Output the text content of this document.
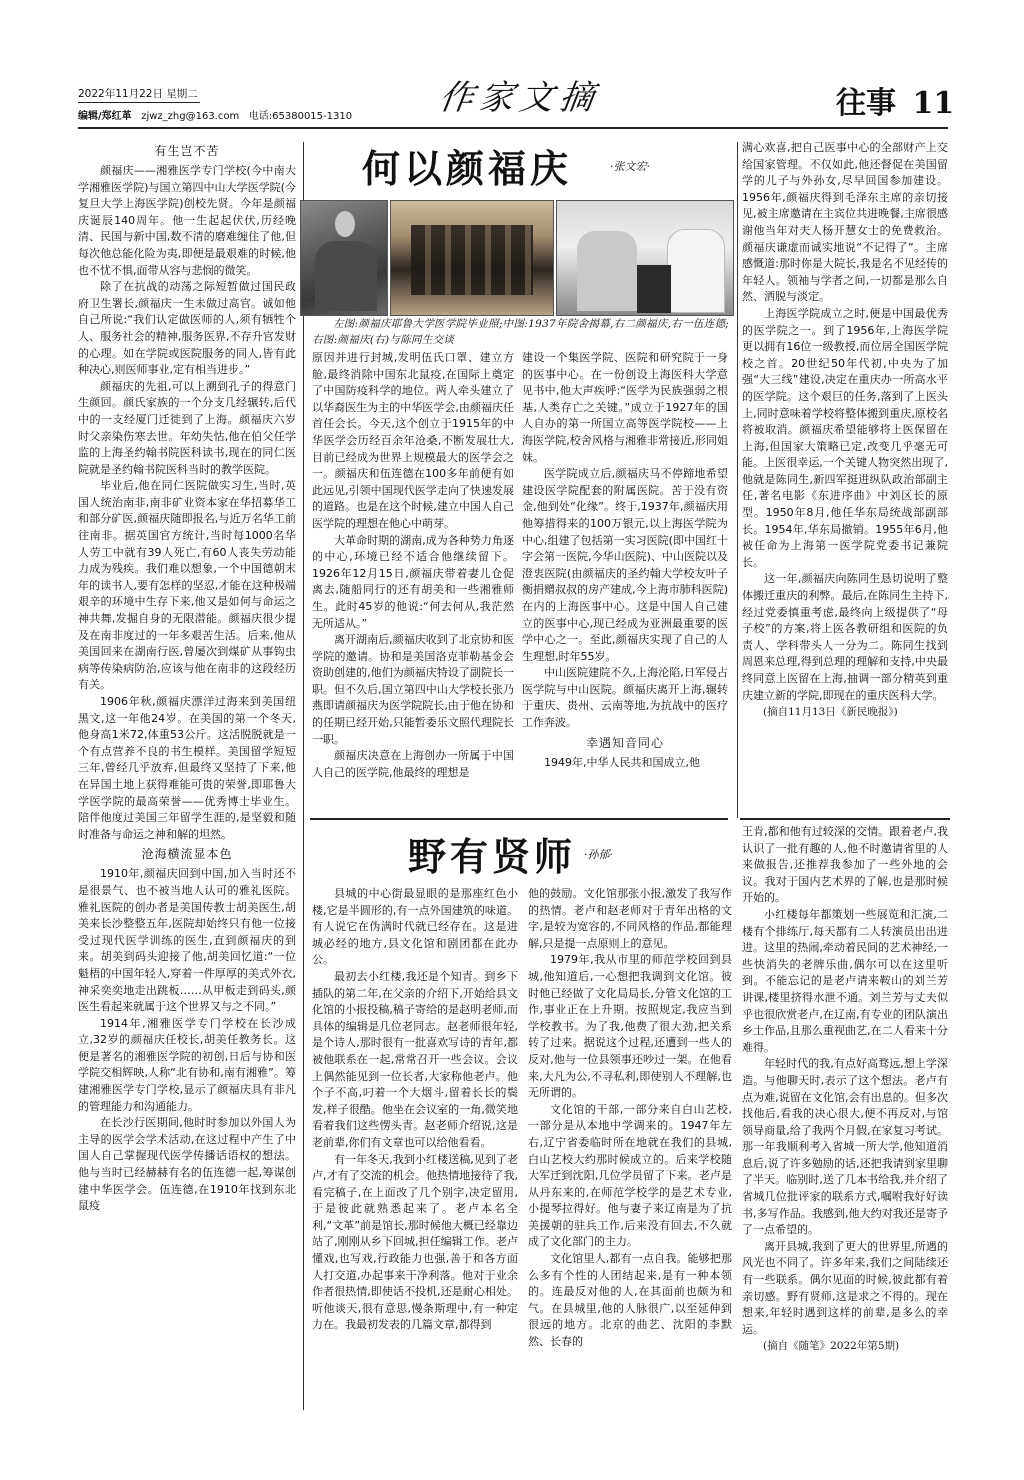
2022年11月22日 星期二
编辑/郑红革 zjwz_zhg@163.com 电话:65380015-1310 作家文摘	往事 11
有生岂不苦

颜福庆——湘雅医学专门学校(今中南大学湘雅医学院)与国立第四中山大学医学院(今复旦大学上海医学院)创校先贤。今年是颜福庆诞辰140周年。他一生起起伏伏,历经晚清、民国与新中国,数不清的磨难缠住了他,但每次他总能化险为夷,即便是最艰难的时候,他也不忧不惧,面带从容与悲悯的微笑。

除了在抗战的动荡之际短暂做过国民政府卫生署长,颜福庆一生未做过高官。诚如他自己所说:“我们认定做医师的人,须有牺牲个人、服务社会的精神,服务医界,不存升官发财的心理。如在学院或医院服务的同人,皆有此种决心,则医师事业,定有相当进步。”

颜福庆的先祖,可以上溯到孔子的得意门生颜回。颜氏家族的一个分支几经辗转,后代中的一支经厦门迁徙到了上海。颜福庆六岁时父亲染伤寒去世。年幼失怙,他在伯父任学监的上海圣约翰书院医科读书,现在的同仁医院就是圣约翰书院医科当时的教学医院。

毕业后,他在同仁医院做实习生,当时,英国人统治南非,南非矿业资本家在华招募华工和部分矿医,颜福庆随即报名,与近万名华工前往南非。据英国官方统计,当时每1000名华人劳工中就有39人死亡,有60人丧失劳动能力成为残疾。我们难以想象,一个中国德朝末年的读书人,要有怎样的坚忍,才能在这种极端艰辛的环境中生存下来,他又是如何与命运之神共舞,发掘自身的无限潜能。颜福庆很少提及在南非度过的一年多艰苦生活。后来,他从美国回来在湖南行医,曾屡次到煤矿从事钩虫病等传染病防治,应该与他在南非的这段经历有关。

1906年秋,颜福庆漂洋过海来到美国纽黑文,这一年他24岁。在美国的第一个冬天,他身高1米72,体重53公斤。这活脱脱就是一个有点营养不良的书生模样。美国留学短短三年,曾经几乎放弃,但最终又坚持了下来,他在异国土地上获得难能可贵的荣誉,即耶鲁大学医学院的最高荣誉——优秀博士毕业生。陪伴他度过美国三年留学生涯的,是坚毅和随时准备与命运之神和解的坦然。

沧海横流显本色

1910年,颜福庆回到中国,加入当时还不是很景气、也不被当地人认可的雅礼医院。雅礼医院的创办者是美国传教士胡美医生,胡美来长沙整整五年,医院却始终只有他一位接受过现代医学训练的医生,直到颜福庆的到来。胡美到码头迎接了他,胡美回忆道:“一位魁梧的中国年轻人,穿着一件厚厚的美式外衣,神采奕奕地走出跳板……从甲板走到码头,颜医生看起来就属于这个世界又与之不同。”

1914年,湘雅医学专门学校在长沙成立,32岁的颜福庆任校长,胡美任教务长。这便是著名的湘雅医学院的初创,日后与协和医学院交相辉映,人称“北有协和,南有湘雅”。筹建湘雅医学专门学校,显示了颜福庆具有非凡的管理能力和沟通能力。

在长沙行医期间,他时时参加以外国人为主导的医学会学术活动,在这过程中产生了中国人自己掌握现代医学传播话语权的想法。他与当时已经赫赫有名的伍连德一起,筹谋创建中华医学会。伍连德,在1910年找到东北鼠疫

何以颜福庆	·张文宏·
左图:颜福庆耶鲁大学医学院毕业照;中图:1937年院舍揭幕,右二颜福庆,右一伍连德;右图:颜福庆(右)与陈同生交谈

原因并进行封城,发明伍氏口罩、建立方舱,最终消除中国东北鼠疫,在国际上奠定了中国防疫科学的地位。两人牵头建立了以华裔医生为主的中华医学会,由颜福庆任首任会长。今天,这个创立于1915年的中华医学会历经百余年沧桑,不断发展壮大,目前已经成为世界上规模最大的医学会之一。颜福庆和伍连德在100多年前便有如此远见,引领中国现代医学走向了快速发展的道路。也是在这个时候,建立中国人自己医学院的理想在他心中萌芽。

大革命时期的湖南,成为各种势力角逐的中心,环境已经不适合他继续留下。1926年12月15日,颜福庆带着妻儿仓促离去,随船同行的还有胡美和一些湘雅师生。此时45岁的他说:“何去何从,我茫然无所适从。”

离开湖南后,颜福庆收到了北京协和医学院的邀请。协和是美国洛克菲勒基金会资助创建的,他们为颜福庆特设了副院长一职。但不久后,国立第四中山大学校长张乃燕即请颜福庆为医学院院长,由于他在协和的任期已经开始,只能暂委乐文照代理院长一职。

颜福庆决意在上海创办一所属于中国人自己的医学院,他最终的理想是

建设一个集医学院、医院和研究院于一身的医事中心。在一份创设上海医科大学意见书中,他大声疾呼:“医学为民族强弱之根基,人类存亡之关键。”成立于1927年的国人自办的第一所国立高等医学院校——上海医学院,校舍风格与湘雅非常接近,形同姐妹。

医学院成立后,颜福庆马不停蹄地希望建设医学院配套的附属医院。苦于没有资金,他到处“化缘”。终于,1937年,颜福庆用他筹措得来的100万银元,以上海医学院为中心,组建了包括第一实习医院(即中国红十字会第一医院,今华山医院)、中山医院以及澄衷医院(由颜福庆的圣约翰大学校友叶子衡捐赠叔叔的房产建成,今上海市肺科医院)在内的上海医事中心。这是中国人自己建立的医事中心,现已经成为亚洲最重要的医学中心之一。至此,颜福庆实现了自己的人生理想,时年55岁。

中山医院建院不久,上海沦陷,日军侵占医学院与中山医院。颜福庆离开上海,辗转于重庆、贵州、云南等地,为抗战中的医疗工作奔波。

幸遇知音同心

1949年,中华人民共和国成立,他

满心欢喜,把自己医事中心的全部财产上交给国家管理。不仅如此,他还督促在美国留学的儿子与外孙女,尽早回国参加建设。1956年,颜福庆得到毛泽东主席的亲切接见,被主席邀请在主宾位共进晚餐,主席很感谢他当年对夫人杨开慧女士的免费救治。颜福庆谦虚而诚实地说“不记得了”。主席感慨道:那时你是大院长,我是名不见经传的年轻人。领袖与学者之间,一切都是那么自然、洒脱与淡定。

上海医学院成立之时,便是中国最优秀的医学院之一。到了1956年,上海医学院更以拥有16位一级教授,而位居全国医学院校之首。20世纪50年代初,中央为了加强“大三线”建设,决定在重庆办一所高水平的医学院。这个艰巨的任务,落到了上医头上,同时意味着学校将整体搬到重庆,原校名将被取消。颜福庆希望能够将上医保留在上海,但国家大策略已定,改变几乎毫无可能。上医很幸运,一个关键人物突然出现了,他就是陈同生,新四军挺进纵队政治部副主任,著名电影《东进序曲》中刘区长的原型。1950年8月,他任华东局统战部副部长。1954年,华东局撤销。1955年6月,他被任命为上海第一医学院党委书记兼院长。

这一年,颜福庆向陈同生恳切说明了整体搬迁重庆的利弊。最后,在陈同生主持下,经过党委慎重考虑,最终向上级提供了“母子校”的方案,将上医各教研组和医院的负责人、学科带头人一分为二。陈同生找到周恩来总理,得到总理的理解和支持,中央最终同意上医留在上海,抽调一部分精英到重庆建立新的学院,即现在的重庆医科大学。

(摘自11月13日《新民晚报》)

野有贤师 ·孙郁·

县城的中心街最显眼的是那座红色小楼,它是半圆形的,有一点外国建筑的味道。有人说它在伪满时代就已经存在。这是进城必经的地方,县文化馆和剧团都在此办公。

最初去小红楼,我还是个知青。到乡下插队的第二年,在父亲的介绍下,开始给县文化馆的小报投稿,稿子寄给的是赵明老师,而具体的编辑是几位老同志。赵老师很年轻,是个诗人,那时很有一批喜欢写诗的青年,都被他联系在一起,常常召开一些会议。会议上偶然能见到一位长者,大家称他老卢。他个子不高,叼着一个大烟斗,留着长长的鬓发,样子很酷。他坐在会议室的一角,微笑地看着我们这些愣头青。赵老师介绍说,这是老前辈,你们有文章也可以给他看看。

有一年冬天,我到小红楼送稿,见到了老卢,才有了交流的机会。他热情地接待了我,看完稿子,在上面改了几个别字,决定留用,于是彼此就熟悉起来了。老卢本名全利,“文革”前是馆长,那时候他大概已经靠边站了,刚刚从乡下回城,担任编辑工作。老卢懂戏,也写戏,行政能力也强,善于和各方面人打交道,办起事来干净利落。他对于业余作者很热情,即使话不投机,还是耐心相处。听他谈天,很有意思,慢条斯理中,有一种定力在。我最初发表的几篇文章,都得到

他的鼓励。文化馆那张小报,激发了我写作的热情。老卢和赵老师对于青年出格的文字,是较为宽容的,不同风格的作品,都能理解,只是提一点原则上的意见。

1979年,我从市里的师范学校回到县城,他知道后,一心想把我调到文化馆。彼时他已经做了文化局局长,分管文化馆的工作,事业正在上升期。按照规定,我应当到学校教书。为了我,他费了很大劲,把关系转了过来。据说这个过程,还遭到一些人的反对,他与一位县领事还吵过一架。在他看来,大凡为公,不寻私利,即使别人不理解,也无所谓的。

文化馆的干部,一部分来自白山艺校,一部分是从本地中学调来的。1947年左右,辽宁省委临时所在地就在我们的县城,白山艺校大约那时候成立的。后来学校随大军迁到沈阳,几位学员留了下来。老卢是从丹东来的,在师范学校学的是艺术专业,小提琴拉得好。他与妻子来辽南是为了抗美援朝的驻兵工作,后来没有回去,不久就成了文化部门的主力。

文化馆里人,都有一点自我。能够把那么多有个性的人团结起来,是有一种本领的。连最反对他的人,在其面前也颇为和气。在县城里,他的人脉很广,以至延伸到很远的地方。北京的曲艺、沈阳的李默然、长春的

王肯,都和他有过较深的交情。跟着老卢,我认识了一批有趣的人,他不时邀请省里的人来做报告,还推荐我参加了一些外地的会议。我对于国内艺术界的了解,也是那时候开始的。

小红楼每年都策划一些展览和汇演,二楼有个排练厅,每天都有二人转演员出出进进。这里的热闹,牵动着民间的艺术神经,一些快消失的老牌乐曲,偶尔可以在这里听到。不能忘记的是老卢请来鞍山的刘兰芳讲课,楼里挤得水泄不通。刘兰芳与丈夫似乎也很欣赏老卢,在辽南,有专业的团队演出乡土作品,且那么重视曲艺,在二人看来十分难得。

年轻时代的我,有点好高骛远,想上学深造。与他聊天时,表示了这个想法。老卢有点为难,说留在文化馆,会有出息的。但多次找他后,看我的决心很大,便不再反对,与馆领导商量,给了我两个月假,在家复习考试。那一年我顺利考入省城一所大学,他知道消息后,说了许多勉励的话,还把我请到家里聊了半天。临别时,送了几本书给我,并介绍了省城几位批评家的联系方式,嘱咐我好好读书,多写作品。我感到,他大约对我还是寄予了一点希望的。

离开县城,我到了更大的世界里,所遇的风光也不同了。许多年来,我们之间陆续还有一些联系。偶尔见面的时候,彼此都有着亲切感。野有贤师,这是求之不得的。现在想来,年轻时遇到这样的前辈,是多么的幸运。

(摘自《随笔》2022年第5期)
